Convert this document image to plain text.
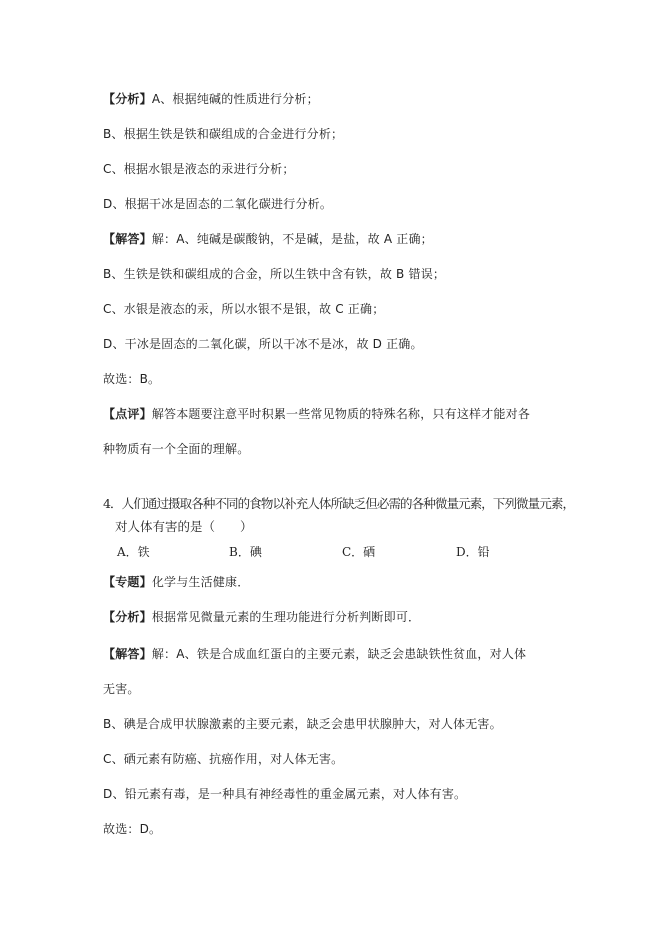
【分析】A、根据纯碱的性质进行分析；
B、根据生铁是铁和碳组成的合金进行分析；
C、根据水银是液态的汞进行分析；
D、根据干冰是固态的二氧化碳进行分析。
【解答】解：A、纯碱是碳酸钠，不是碱，是盐，故 A 正确；
B、生铁是铁和碳组成的合金，所以生铁中含有铁，故 B 错误；
C、水银是液态的汞，所以水银不是银，故 C 正确；
D、干冰是固态的二氧化碳，所以干冰不是冰，故 D 正确。
故选：B。
【点评】解答本题要注意平时积累一些常见物质的特殊名称，只有这样才能对各
种物质有一个全面的理解。
4．人们通过摄取各种不同的食物以补充人体所缺乏但必需的各种微量元素，下列微量元素，
对人体有害的是（　　）
A．铁	B．碘	C．硒	D．铅
【专题】化学与生活健康．
【分析】根据常见微量元素的生理功能进行分析判断即可．
【解答】解：A、铁是合成血红蛋白的主要元素，缺乏会患缺铁性贫血，对人体
无害。
B、碘是合成甲状腺激素的主要元素，缺乏会患甲状腺肿大，对人体无害。
C、硒元素有防癌、抗癌作用，对人体无害。
D、铅元素有毒，是一种具有神经毒性的重金属元素，对人体有害。
故选：D。
